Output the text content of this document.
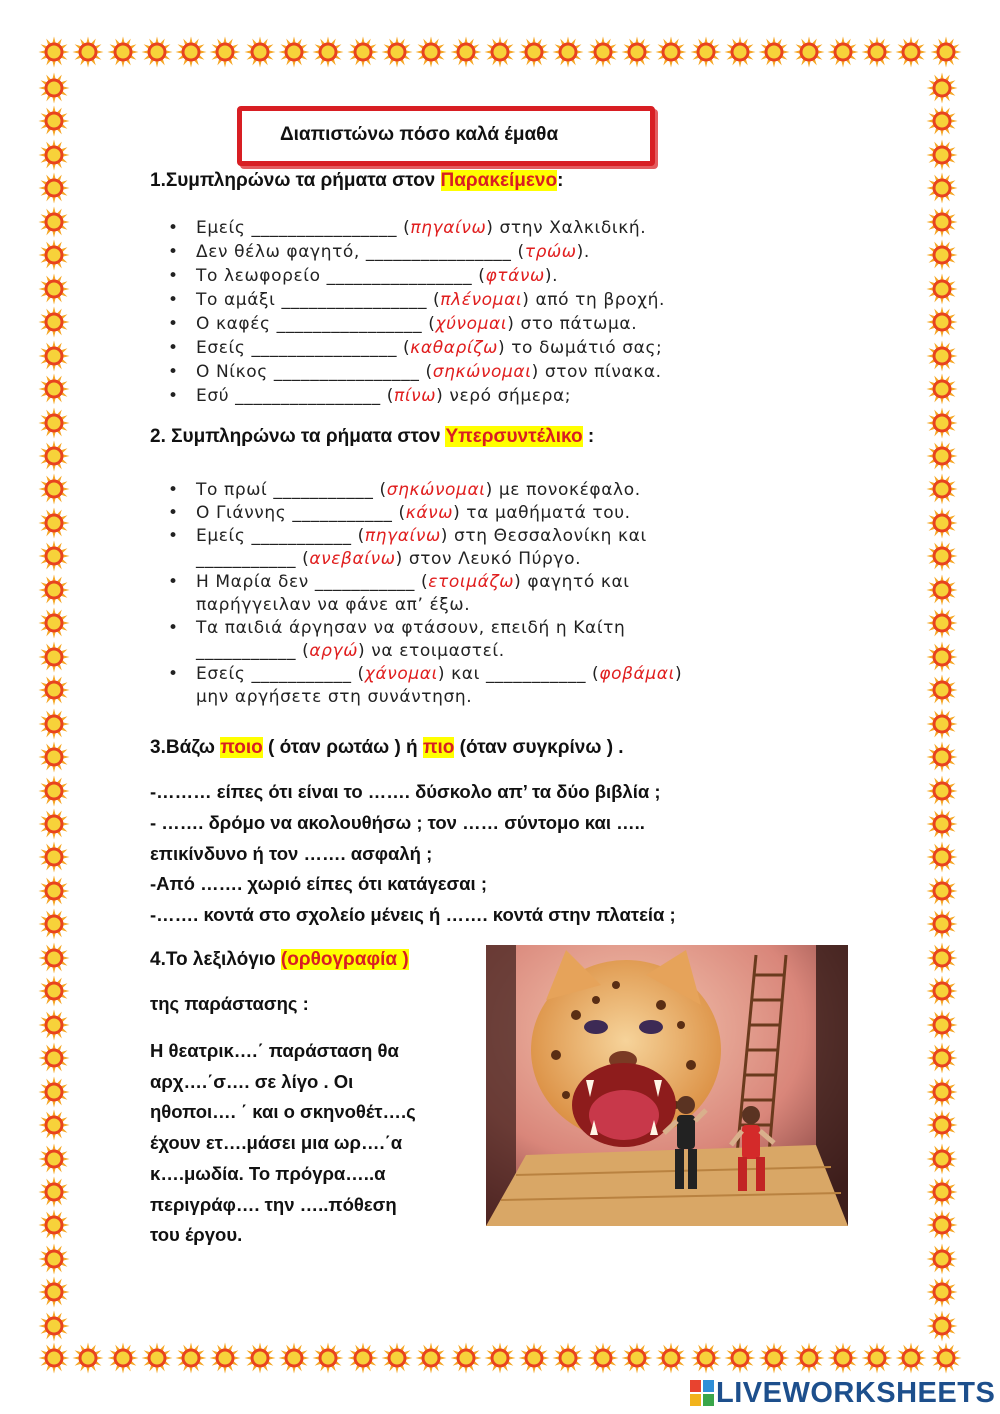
Διαπιστώνω πόσο καλά έμαθα
1.Συμπληρώνω τα ρήματα στον Παρακείμενο:
• Εμείς ________________ (πηγαίνω) στην Χαλκιδική.
• Δεν θέλω φαγητό, ________________ (τρώω).
• Το λεωφορείο ________________ (φτάνω).
• Το αμάξι ________________ (πλένομαι) από τη βροχή.
• Ο καφές ________________ (χύνομαι) στο πάτωμα.
• Εσείς ________________ (καθαρίζω) το δωμάτιό σας;
• Ο Νίκος ________________ (σηκώνομαι) στον πίνακα.
• Εσύ ________________ (πίνω) νερό σήμερα;
2. Συμπληρώνω τα ρήματα στον Υπερσυντέλικο :
• Το πρωί ___________ (σηκώνομαι) με πονοκέφαλο.
• Ο Γιάννης ___________ (κάνω) τα μαθήματά του.
• Εμείς ___________ (πηγαίνω) στη Θεσσαλονίκη και
___________ (ανεβαίνω) στον Λευκό Πύργο.
• Η Μαρία δεν ___________ (ετοιμάζω) φαγητό και
παρήγγειλαν να φάνε απ’ έξω.
• Τα παιδιά άργησαν να φτάσουν, επειδή η Καίτη
___________ (αργώ) να ετοιμαστεί.
• Εσείς ___________ (χάνομαι) και ___________ (φοβάμαι)
μην αργήσετε στη συνάντηση.
3.Βάζω ποιο ( όταν ρωτάω ) ή πιο (όταν συγκρίνω ) .
-……… είπες ότι είναι το ……. δύσκολο απ’ τα δύο βιβλία ;
- ……. δρόμο να ακολουθήσω ; τον …… σύντομο και …..
επικίνδυνο ή τον ……. ασφαλή ;
-Από ……. χωριό είπες ότι κατάγεσαι ;
-……. κοντά στο σχολείο μένεις ή ……. κοντά στην πλατεία ;
4.Το λεξιλόγιο (ορθογραφία )
της παράστασης :
Η θεατρικ….΄ παράσταση θα
αρχ….΄σ…. σε λίγο . Οι
ηθοποι…. ΄ και ο σκηνοθέτ….ς
έχουν ετ….μάσει μια ωρ….΄α
κ….μωδία. Το πρόγρα…..α
περιγράφ…. την …..πόθεση
του έργου.
LIVEWORKSHEETS
